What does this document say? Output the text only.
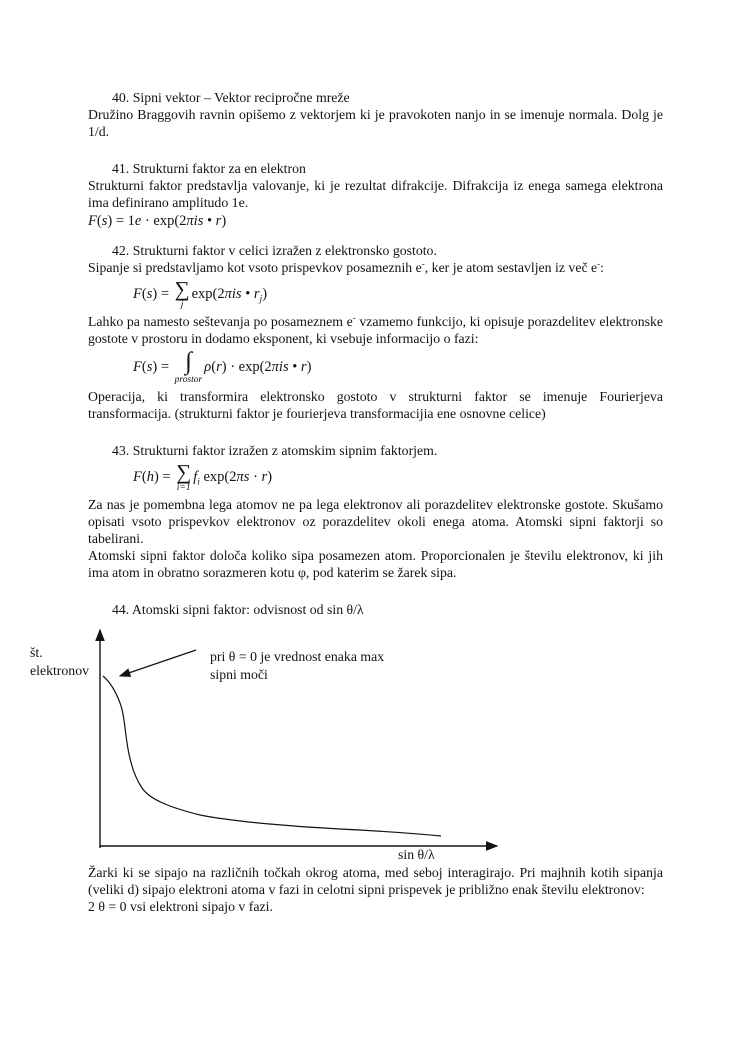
40. Sipni vektor – Vektor recipročne mreže

Družino Braggovih ravnin opišemo z vektorjem ki je pravokoten nanjo in se imenuje normala. Dolg je 1/d.

41. Strukturni faktor za en elektron

Strukturni faktor predstavlja valovanje, ki je rezultat difrakcije. Difrakcija iz enega samega elektrona ima definirano amplitudo 1e.

F(s) = 1e · exp(2πis • r)

42. Strukturni faktor v celici izražen z elektronsko gostoto.

Sipanje si predstavljamo kot vsoto prispevkov posameznih e-, ker je atom sestavljen iz več e-:

F(s) = ∑
j
exp(2πis • $r_j$)

Lahko pa namesto seštevanja po posameznem e- vzamemo funkcijo, ki opisuje porazdelitev elektronske gostote v prostoru in dodamo eksponent, ki vsebuje informacijo o fazi:

F(s) = ∫
prostor
ρ(r) · exp(2πis • r)

Operacija, ki transformira elektronsko gostoto v strukturni faktor se imenuje Fourierjeva transformacija. (strukturni faktor je fourierjeva transformacijia ene osnovne celice)

43. Strukturni faktor izražen z atomskim sipnim faktorjem.

F(h) = ∑
i=1
$f_i$ exp(2πs · r)

Za nas je pomembna lega atomov ne pa lega elektronov ali porazdelitev elektronske gostote. Skušamo opisati vsoto prispevkov elektronov oz porazdelitev okoli enega atoma. Atomski sipni faktorji so tabelirani.

Atomski sipni faktor določa koliko sipa posamezen atom. Proporcionalen je številu elektronov, ki jih ima atom in obratno sorazmeren kotu φ, pod katerim se žarek sipa.

44. Atomski sipni faktor: odvisnost od sin θ/λ

št.
elektronov
pri θ = 0 je vrednost enaka max
sipni moči
sin θ/λ

Žarki ki se sipajo na različnih točkah okrog atoma, med seboj interagirajo. Pri majhnih kotih sipanja (veliki d) sipajo elektroni atoma v fazi in celotni sipni prispevek je približno enak številu elektronov:

2 θ = 0 vsi elektroni sipajo v fazi.
